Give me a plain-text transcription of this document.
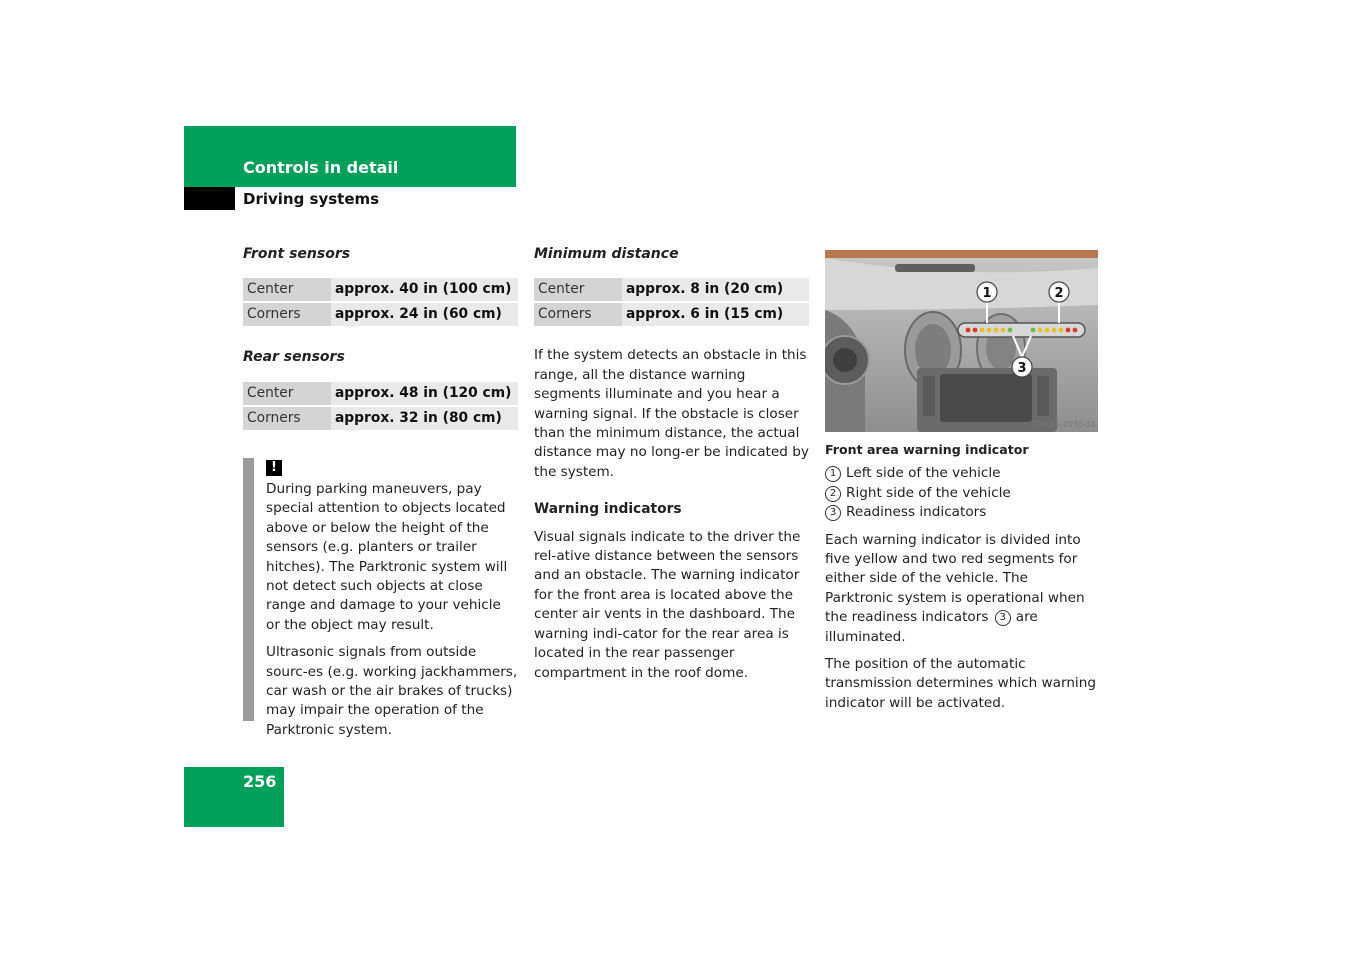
Controls in detail
Driving systems
Front sensors
Center	approx. 40 in (100 cm)
Corners	approx. 24 in (60 cm)
Rear sensors
Center	approx. 48 in (120 cm)
Corners	approx. 32 in (80 cm)
!

During parking maneuvers, pay special attention to objects located above or below the height of the sensors (e.g. planters or trailer hitches). The Parktronic system will not detect such objects at close range and damage to your vehicle or the object may result.

Ultrasonic signals from outside sourc-es (e.g. working jackhammers, car wash or the air brakes of trucks) may impair the operation of the Parktronic system.

Minimum distance
Center	approx. 8 in (20 cm)
Corners	approx. 6 in (15 cm)

If the system detects an obstacle in this range, all the distance warning segments illuminate and you hear a warning signal. If the obstacle is closer than the minimum distance, the actual distance may no long-er be indicated by the system.

Warning indicators

Visual signals indicate to the driver the rel-ative distance between the sensors and an obstacle. The warning indicator for the front area is located above the center air vents in the dashboard. The warning indi-cator for the rear area is located in the rear passenger compartment in the roof dome.

1	2
3
P54.65-2030-31
Front area warning indicator
1 Left side of the vehicle
2 Right side of the vehicle
3 Readiness indicators

Each warning indicator is divided into five yellow and two red segments for either side of the vehicle. The Parktronic system is operational when the readiness indicators 3 are illuminated.

The position of the automatic transmission determines which warning indicator will be activated.

256
